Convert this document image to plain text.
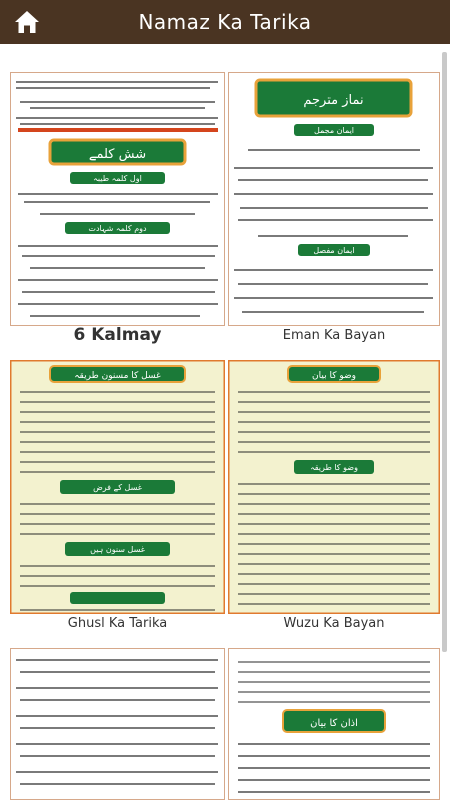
Namaz Ka Tarika
شش کلمے
اول کلمہ طیبہ
دوم کلمہ شہادت
6 Kalmay
نماز مترجم
ایمان مجمل
ایمان مفصل
Eman Ka Bayan
غسل کا مسنون طریقہ
غسل کے فرض
غسل سنون ہیں
Ghusl Ka Tarika
وضو کا بیان
وضو کا طریقہ
Wuzu Ka Bayan
اذان کا بیان
